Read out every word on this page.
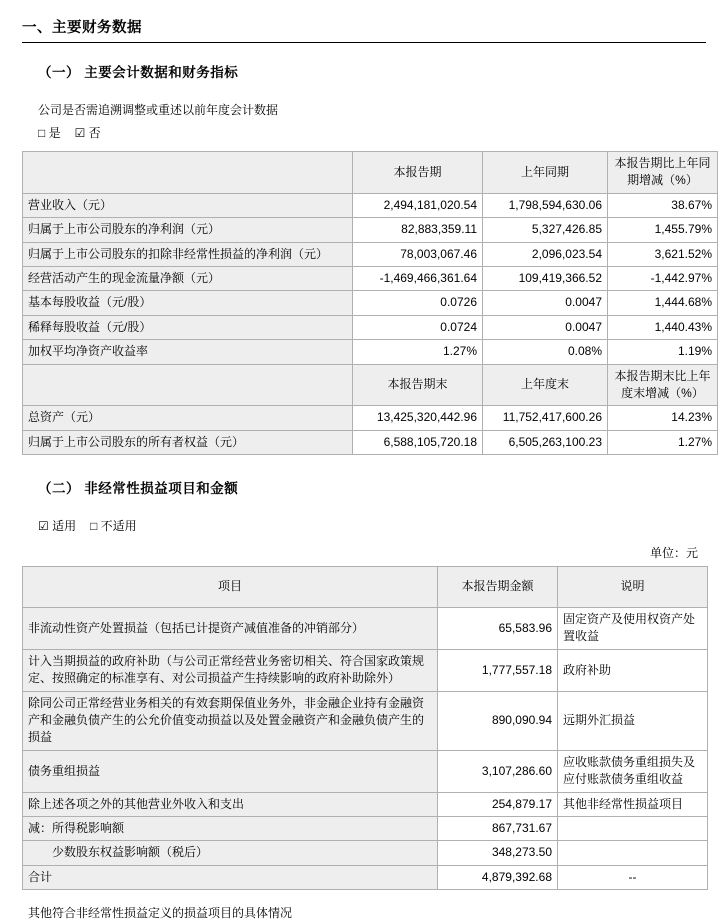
一、主要财务数据
（一） 主要会计数据和财务指标
公司是否需追溯调整或重述以前年度会计数据
□ 是 ☑ 否
	本报告期	上年同期	本报告期比上年同期增减（%）
营业收入（元）	2,494,181,020.54	1,798,594,630.06	38.67%
归属于上市公司股东的净利润（元）	82,883,359.11	5,327,426.85	1,455.79%
归属于上市公司股东的扣除非经常性损益的净利润（元）	78,003,067.46	2,096,023.54	3,621.52%
经营活动产生的现金流量净额（元）	-1,469,466,361.64	109,419,366.52	-1,442.97%
基本每股收益（元/股）	0.0726	0.0047	1,444.68%
稀释每股收益（元/股）	0.0724	0.0047	1,440.43%
加权平均净资产收益率	1.27%	0.08%	1.19%
	本报告期末	上年度末	本报告期末比上年度末增减（%）
总资产（元）	13,425,320,442.96	11,752,417,600.26	14.23%
归属于上市公司股东的所有者权益（元）	6,588,105,720.18	6,505,263,100.23	1.27%
（二） 非经常性损益项目和金额
☑ 适用 □ 不适用
单位：元
项目	本报告期金额	说明
非流动性资产处置损益（包括已计提资产减值准备的冲销部分）	65,583.96	固定资产及使用权资产处置收益
计入当期损益的政府补助（与公司正常经营业务密切相关、符合国家政策规定、按照确定的标准享有、对公司损益产生持续影响的政府补助除外）	1,777,557.18	政府补助
除同公司正常经营业务相关的有效套期保值业务外，非金融企业持有金融资产和金融负债产生的公允价值变动损益以及处置金融资产和金融负债产生的损益	890,090.94	远期外汇损益
债务重组损益	3,107,286.60	应收账款债务重组损失及应付账款债务重组收益
除上述各项之外的其他营业外收入和支出	254,879.17	其他非经常性损益项目
减：所得税影响额	867,731.67	
　　少数股东权益影响额（税后）	348,273.50	
合计	4,879,392.68	--
其他符合非经常性损益定义的损益项目的具体情况
